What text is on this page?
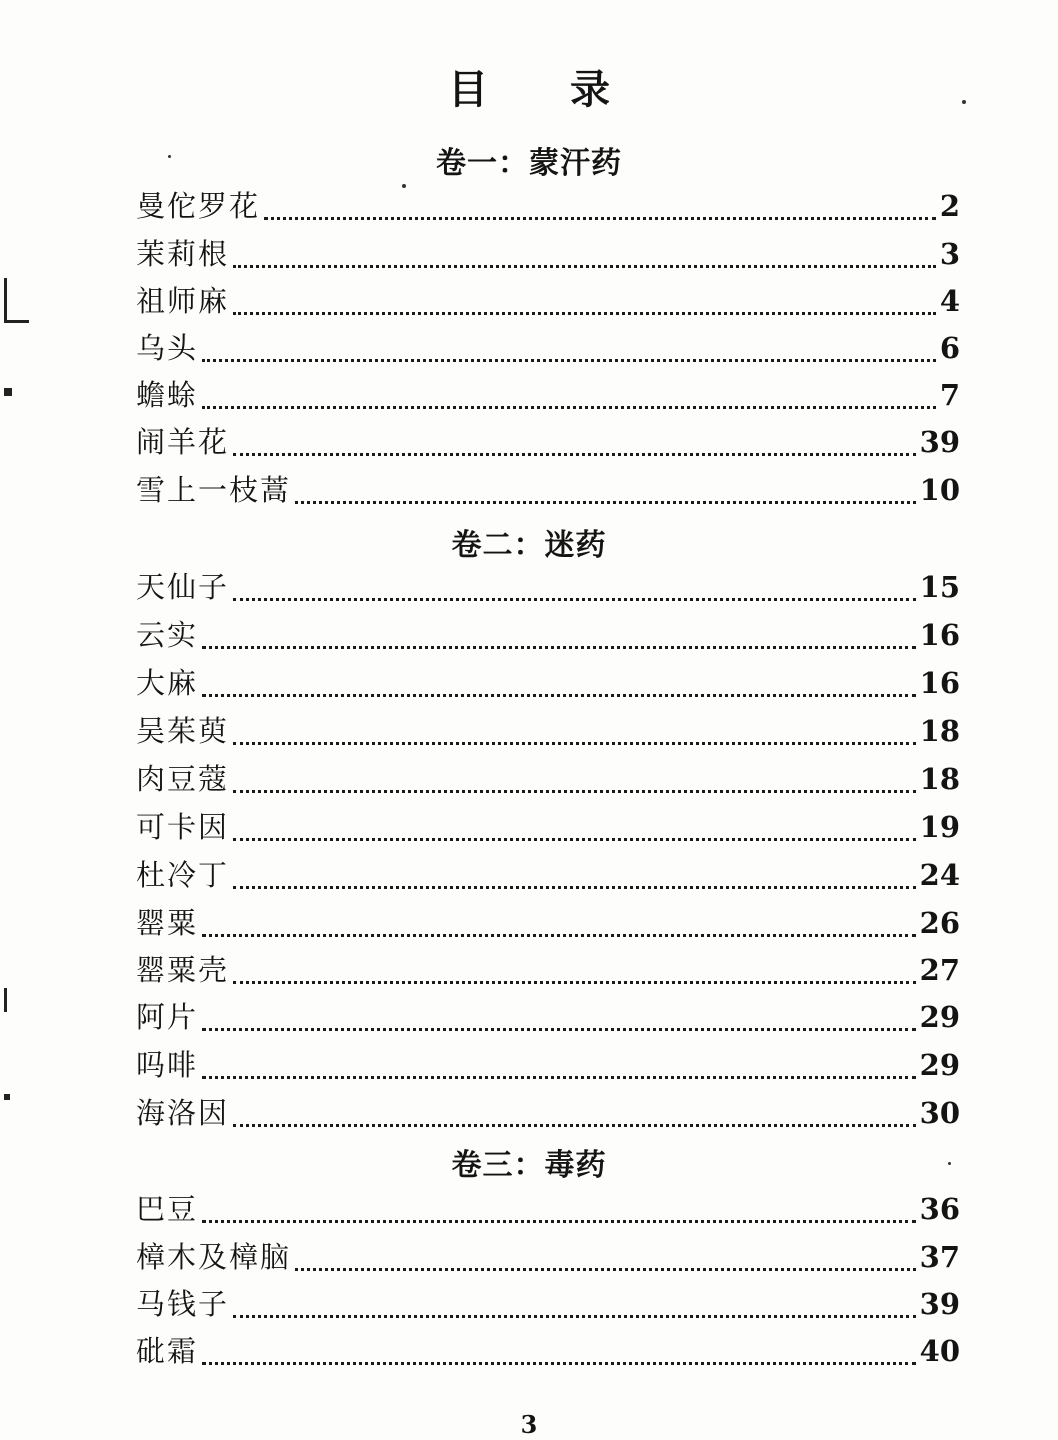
目 录
卷一：蒙汗药
曼佗罗花	2
茉莉根	3
祖师麻	4
乌头	6
蟾蜍	7
闹羊花	39
雪上一枝蒿	10
卷二：迷药
天仙子	15
云实	16
大麻	16
吴茱萸	18
肉豆蔻	18
可卡因	19
杜冷丁	24
罂粟	26
罂粟壳	27
阿片	29
吗啡	29
海洛因	30
卷三：毒药
巴豆	36
樟木及樟脑	37
马钱子	39
砒霜	40
3
